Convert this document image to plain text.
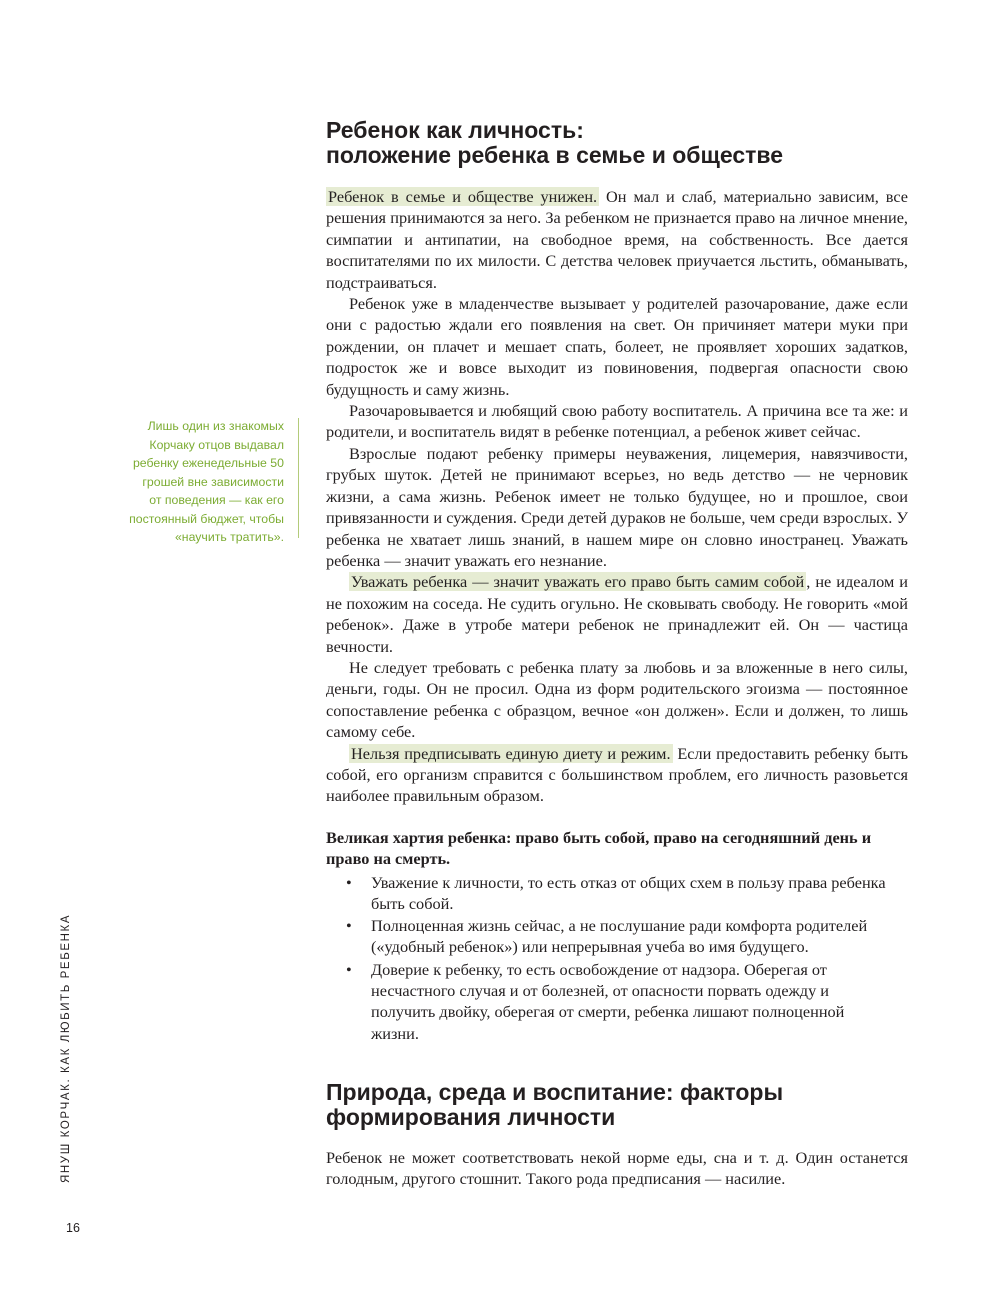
Ребенок как личность:
положение ребенка в семье и обществе

Ребенок в семье и обществе унижен. Он мал и слаб, материально зависим, все решения принимаются за него. За ребенком не признается право на личное мнение, симпатии и антипатии, на свободное время, на собственность. Все дается воспитателями по их милости. С детства человек приучается льстить, обманывать, подстраиваться.

Ребенок уже в младенчестве вызывает у родителей разочарование, даже если они с радостью ждали его появления на свет. Он причиняет матери муки при рождении, он плачет и мешает спать, болеет, не проявляет хороших задатков, подросток же и вовсе выходит из повиновения, подвергая опасности свою будущность и саму жизнь.

Разочаровывается и любящий свою работу воспитатель. А причина все та же: и родители, и воспитатель видят в ребенке потенциал, а ребенок живет сейчас.

Взрослые подают ребенку примеры неуважения, лицемерия, навязчивости, грубых шуток. Детей не принимают всерьез, но ведь детство — не черновик жизни, а сама жизнь. Ребенок имеет не только будущее, но и прошлое, свои привязанности и суждения. Среди детей дураков не больше, чем среди взрослых. У ребенка не хватает лишь знаний, в нашем мире он словно иностранец. Уважать ребенка — значит уважать его незнание.

Уважать ребенка — значит уважать его право быть самим собой , не идеалом и не похожим на соседа. Не судить огульно. Не сковывать свободу. Не говорить «мой ребенок». Даже в утробе матери ребенок не принадлежит ей. Он — частица вечности.

Не следует требовать с ребенка плату за любовь и за вложенные в него силы, деньги, годы. Он не просил. Одна из форм родительского эгоизма — постоянное сопоставление ребенка с образцом, вечное «он должен». Если и должен, то лишь самому себе.

Нельзя предписывать единую диету и режим. Если предоставить ребенку быть собой, его организм справится с большинством проблем, его личность разовьется наиболее правильным образом.

Лишь один из знакомых Корчаку отцов выдавал ребенку еженедельные 50 грошей вне зависимости от поведения — как его постоянный бюджет, чтобы «научить тратить».

Великая хартия ребенка: право быть собой, право на сегодняшний день и право на смерть.

• Уважение к личности, то есть отказ от общих схем в пользу права ребенка быть собой.
• Полноценная жизнь сейчас, а не послушание ради комфорта родителей («удобный ребенок») или непрерывная учеба во имя будущего.
• Доверие к ребенку, то есть освобождение от надзора. Оберегая от несчастного случая и от болезней, от опасности порвать одежду и получить двойку, оберегая от смерти, ребенка лишают полноценной жизни.
Природа, среда и воспитание: факторы
формирования личности

Ребенок не может соответствовать некой норме еды, сна и т. д. Один останется голодным, другого стошнит. Такого рода предписания — насилие.

ЯНУШ КОРЧАК. КАК ЛЮБИТЬ РЕБЕНКА
16
